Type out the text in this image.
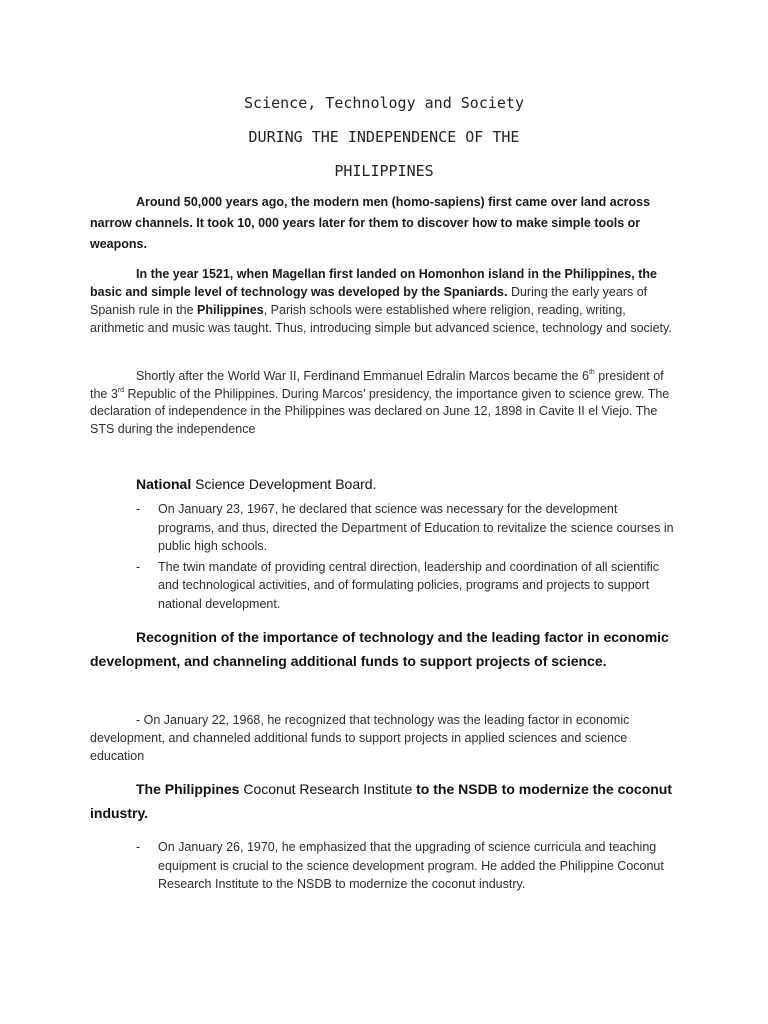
Science, Technology and Society

DURING THE INDEPENDENCE OF THE

PHILIPPINES

Around 50,000 years ago, the modern men (homo-sapiens) first came over land across narrow channels. It took 10, 000 years later for them to discover how to make simple tools or weapons.

In the year 1521, when Magellan first landed on Homonhon island in the Philippines, the basic and simple level of technology was developed by the Spaniards. During the early years of Spanish rule in the Philippines, Parish schools were established where religion, reading, writing, arithmetic and music was taught. Thus, introducing simple but advanced science, technology and society.

Shortly after the World War II, Ferdinand Emmanuel Edralin Marcos became the 6th president of the 3rd Republic of the Philippines. During Marcos’ presidency, the importance given to science grew. The declaration of independence in the Philippines was declared on June 12, 1898 in Cavite II el Viejo. The STS during the independence

National Science Development Board.

- On January 23, 1967, he declared that science was necessary for the development programs, and thus, directed the Department of Education to revitalize the science courses in public high schools.
- The twin mandate of providing central direction, leadership and coordination of all scientific and technological activities, and of formulating policies, programs and projects to support national development.

Recognition of the importance of technology and the leading factor in economic development, and channeling additional funds to support projects of science.

- On January 22, 1968, he recognized that technology was the leading factor in economic development, and channeled additional funds to support projects in applied sciences and science education

The Philippines Coconut Research Institute to the NSDB to modernize the coconut industry.

- On January 26, 1970, he emphasized that the upgrading of science curricula and teaching equipment is crucial to the science development program. He added the Philippine Coconut Research Institute to the NSDB to modernize the coconut industry.
